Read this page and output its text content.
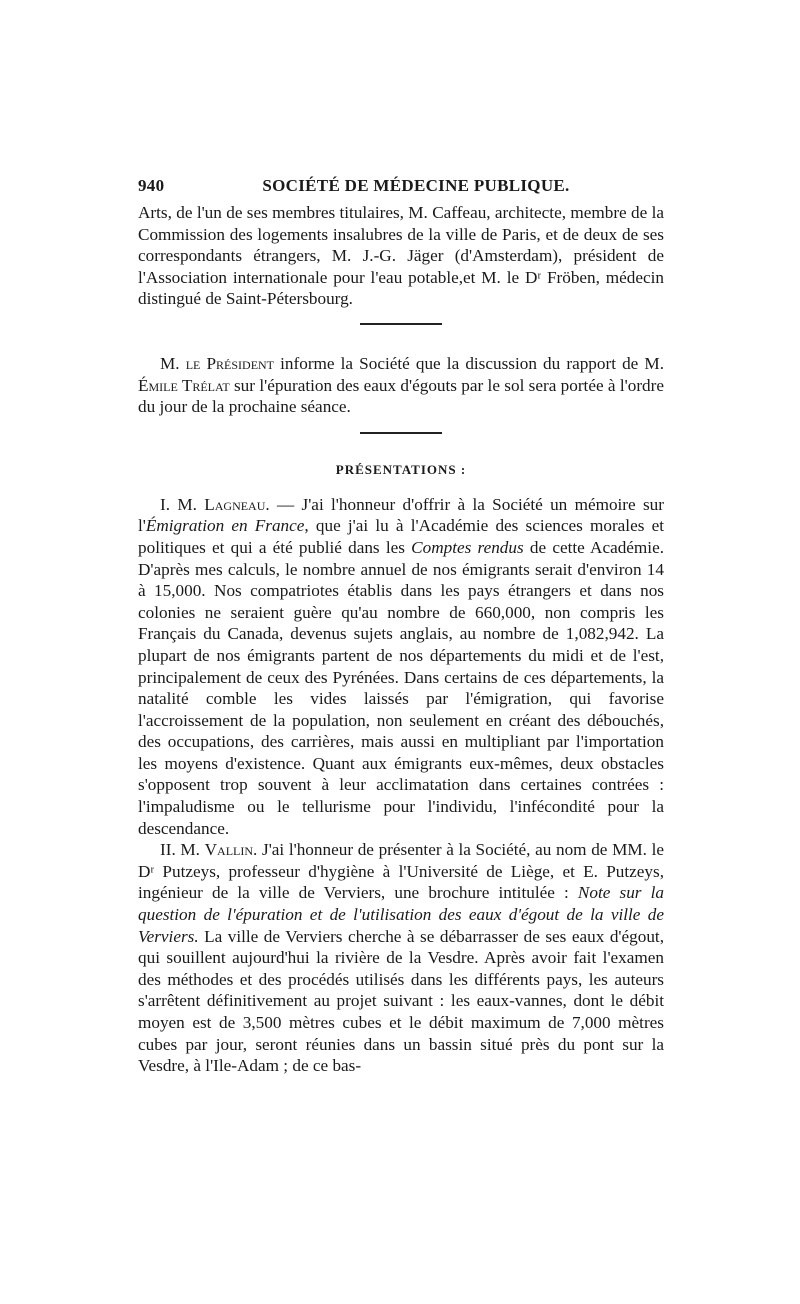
940	SOCIÉTÉ DE MÉDECINE PUBLIQUE.

Arts, de l'un de ses membres titulaires, M. Caffeau, architecte, membre de la Commission des logements insalubres de la ville de Paris, et de deux de ses correspondants étrangers, M. J.-G. Jäger (d'Amsterdam), président de l'Association internationale pour l'eau potable,et M. le Dʳ Fröben, médecin distingué de Saint-Pétersbourg.

M. le Président informe la Société que la discussion du rapport de M. Émile Trélat sur l'épuration des eaux d'égouts par le sol sera portée à l'ordre du jour de la prochaine séance.

PRÉSENTATIONS :

I. M. Lagneau. — J'ai l'honneur d'offrir à la Société un mémoire sur l'Émigration en France, que j'ai lu à l'Académie des sciences morales et politiques et qui a été publié dans les Comptes rendus de cette Académie. D'après mes calculs, le nombre annuel de nos émigrants serait d'environ 14 à 15,000. Nos compatriotes établis dans les pays étrangers et dans nos colonies ne seraient guère qu'au nombre de 660,000, non compris les Français du Canada, devenus sujets anglais, au nombre de 1,082,942. La plupart de nos émigrants partent de nos départements du midi et de l'est, principalement de ceux des Pyrénées. Dans certains de ces départements, la natalité comble les vides laissés par l'émigration, qui favorise l'accroissement de la population, non seulement en créant des débouchés, des occupations, des carrières, mais aussi en multipliant par l'importation les moyens d'existence. Quant aux émigrants eux-mêmes, deux obstacles s'opposent trop souvent à leur acclimatation dans certaines contrées : l'impaludisme ou le tellurisme pour l'individu, l'infécondité pour la descendance.

II. M. Vallin. J'ai l'honneur de présenter à la Société, au nom de MM. le Dʳ Putzeys, professeur d'hygiène à l'Université de Liège, et E. Putzeys, ingénieur de la ville de Verviers, une brochure intitulée : Note sur la question de l'épuration et de l'utilisation des eaux d'égout de la ville de Verviers. La ville de Verviers cherche à se débarrasser de ses eaux d'égout, qui souillent aujourd'hui la rivière de la Vesdre. Après avoir fait l'examen des méthodes et des procédés utilisés dans les différents pays, les auteurs s'arrêtent définitivement au projet suivant : les eaux-vannes, dont le débit moyen est de 3,500 mètres cubes et le débit maximum de 7,000 mètres cubes par jour, seront réunies dans un bassin situé près du pont sur la Vesdre, à l'Ile-Adam ; de ce bas-
